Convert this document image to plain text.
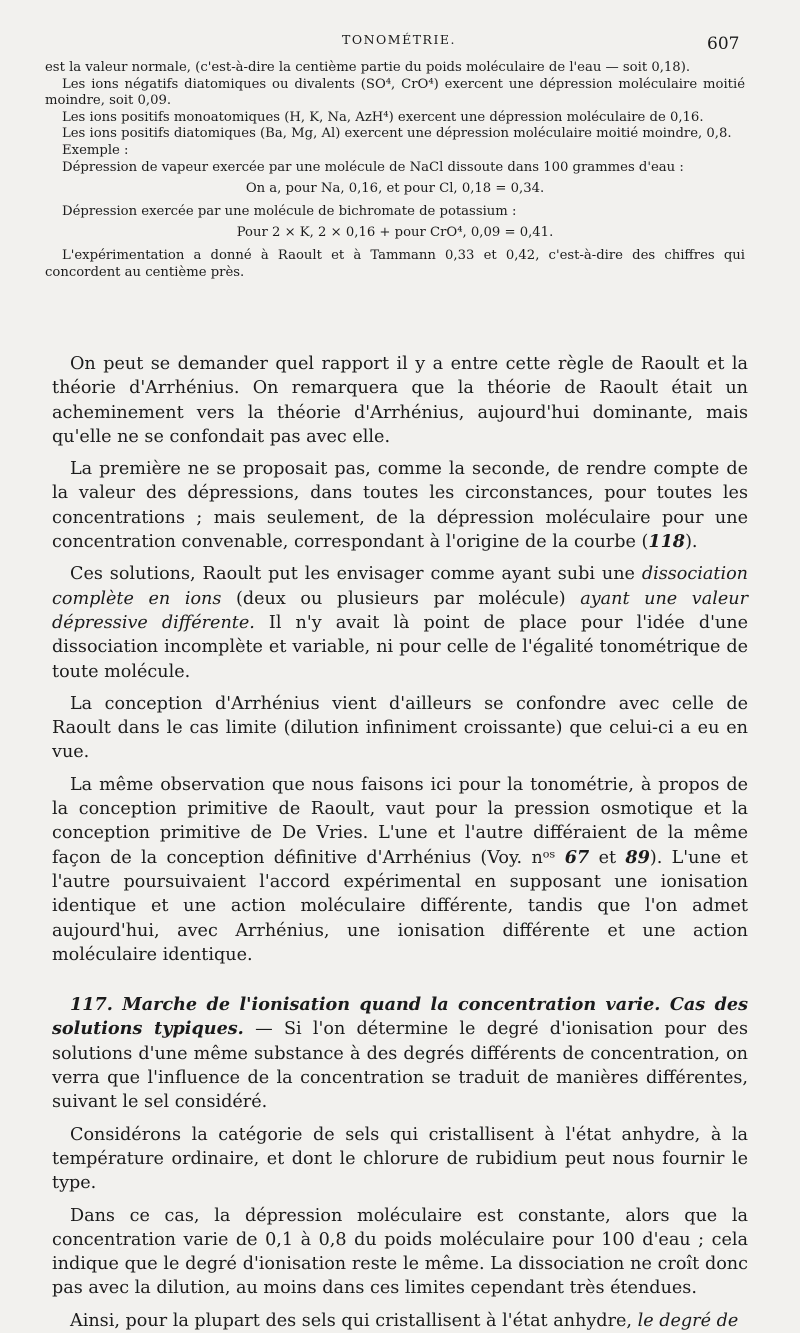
TONOMÉTRIE.	607

est la valeur normale, (c'est-à-dire la centième partie du poids moléculaire de l'eau — soit 0,18).

Les ions négatifs diatomiques ou divalents (SO⁴, CrO⁴) exercent une dépression moléculaire moitié moindre, soit 0,09.

Les ions positifs monoatomiques (H, K, Na, AzH⁴) exercent une dépression moléculaire de 0,16.

Les ions positifs diatomiques (Ba, Mg, Al) exercent une dépression moléculaire moitié moindre, 0,8.

Exemple :

Dépression de vapeur exercée par une molécule de NaCl dissoute dans 100 grammes d'eau :

On a, pour Na, 0,16, et pour Cl, 0,18 = 0,34.

Dépression exercée par une molécule de bichromate de potassium :

Pour 2 × K, 2 × 0,16 + pour CrO⁴, 0,09 = 0,41.

L'expérimentation a donné à Raoult et à Tammann 0,33 et 0,42, c'est-à-dire des chiffres qui concordent au centième près.

On peut se demander quel rapport il y a entre cette règle de Raoult et la théorie d'Arrhénius. On remarquera que la théorie de Raoult était un acheminement vers la théorie d'Arrhénius, aujourd'hui dominante, mais qu'elle ne se confondait pas avec elle.

La première ne se proposait pas, comme la seconde, de rendre compte de la valeur des dépressions, dans toutes les circonstances, pour toutes les concentrations ; mais seulement, de la dépression moléculaire pour une concentration convenable, correspondant à l'origine de la courbe (118).

Ces solutions, Raoult put les envisager comme ayant subi une dissociation complète en ions (deux ou plusieurs par molécule) ayant une valeur dépressive différente. Il n'y avait là point de place pour l'idée d'une dissociation incomplète et variable, ni pour celle de l'égalité tonométrique de toute molécule.

La conception d'Arrhénius vient d'ailleurs se confondre avec celle de Raoult dans le cas limite (dilution infiniment croissante) que celui-ci a eu en vue.

La même observation que nous faisons ici pour la tonométrie, à propos de la conception primitive de Raoult, vaut pour la pression osmotique et la conception primitive de De Vries. L'une et l'autre différaient de la même façon de la conception définitive d'Arrhénius (Voy. nᵒˢ 67 et 89). L'une et l'autre poursuivaient l'accord expérimental en supposant une ionisation identique et une action moléculaire différente, tandis que l'on admet aujourd'hui, avec Arrhénius, une ionisation différente et une action moléculaire identique.

117. Marche de l'ionisation quand la concentration varie. Cas des solutions typiques. — Si l'on détermine le degré d'ionisation pour des solutions d'une même substance à des degrés différents de concentration, on verra que l'influence de la concentration se traduit de manières différentes, suivant le sel considéré.

Considérons la catégorie de sels qui cristallisent à l'état anhydre, à la température ordinaire, et dont le chlorure de rubidium peut nous fournir le type.

Dans ce cas, la dépression moléculaire est constante, alors que la concentration varie de 0,1 à 0,8 du poids moléculaire pour 100 d'eau ; cela indique que le degré d'ionisation reste le même. La dissociation ne croît donc pas avec la dilution, au moins dans ces limites cependant très étendues.

Ainsi, pour la plupart des sels qui cristallisent à l'état anhydre, le degré de
